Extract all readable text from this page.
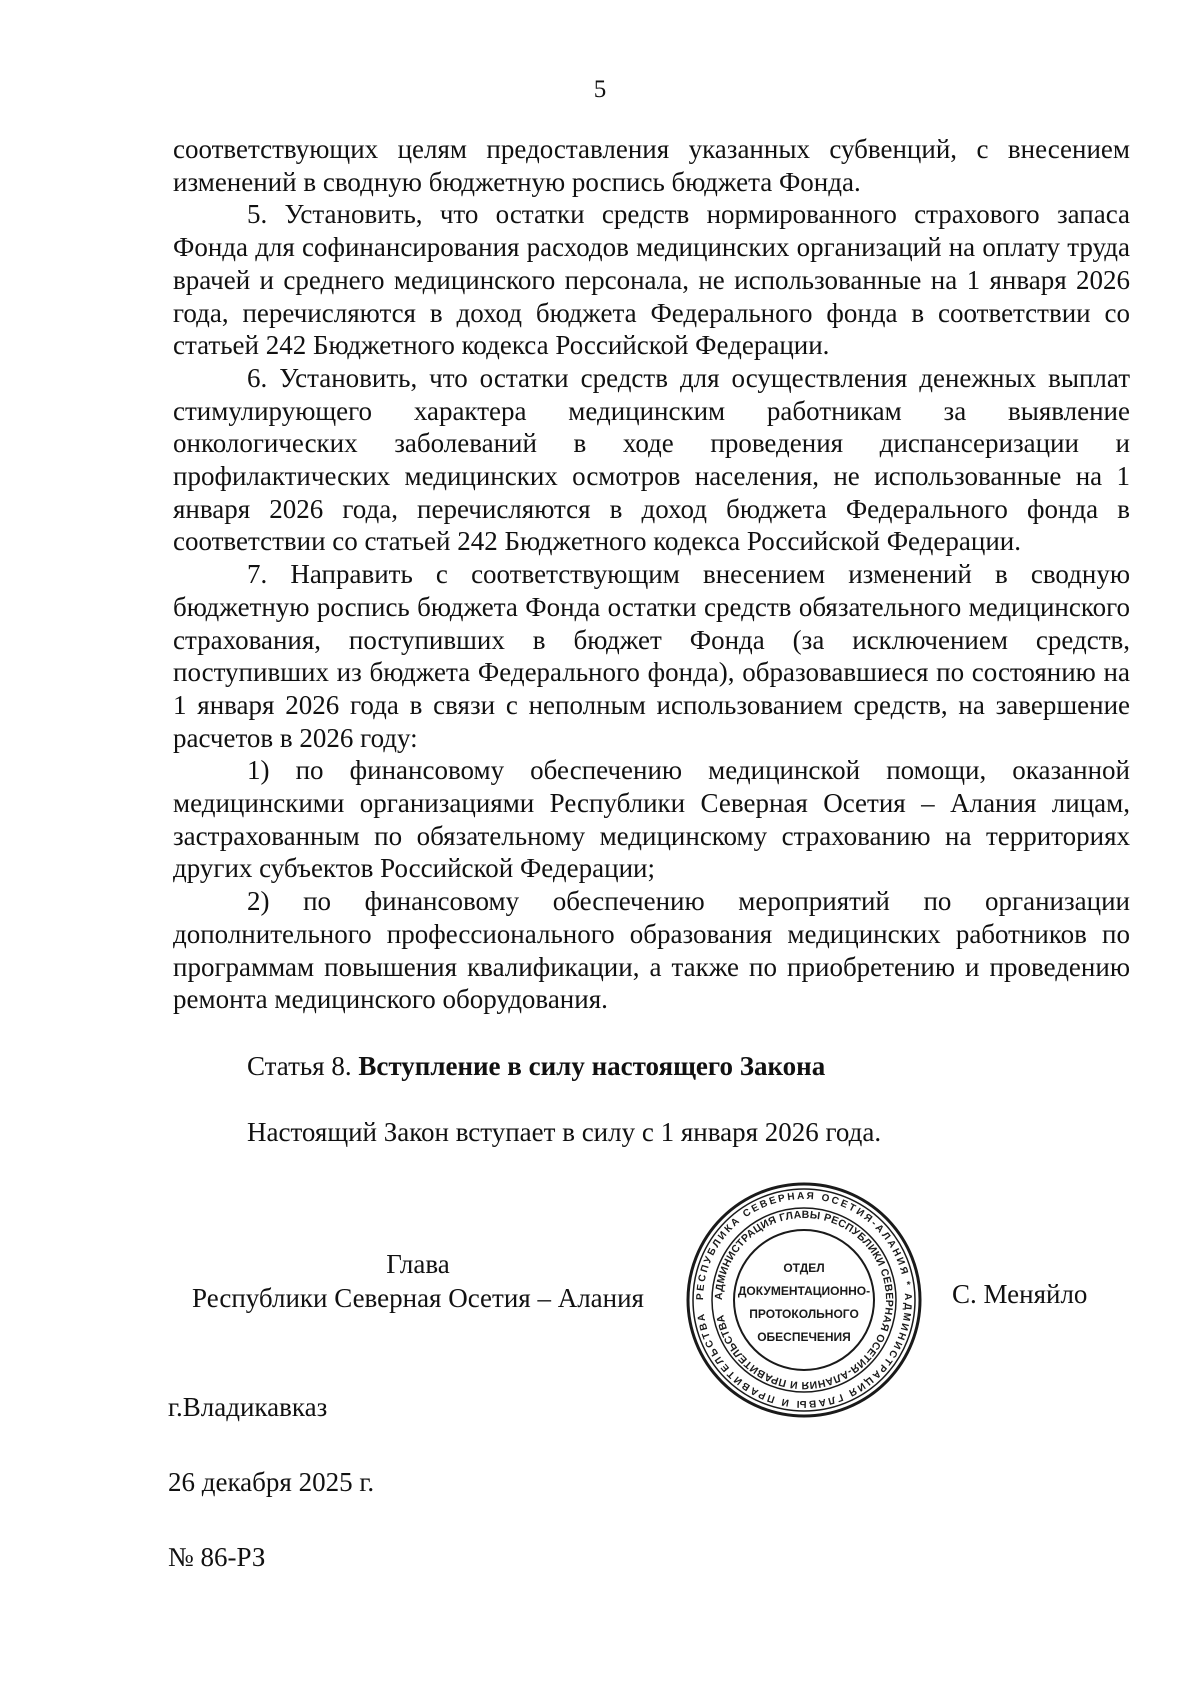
5

соответствующих целям предоставления указанных субвенций, с внесением изменений в сводную бюджетную роспись бюджета Фонда.

5. Установить, что остатки средств нормированного страхового запаса Фонда для софинансирования расходов медицинских организаций на оплату труда врачей и среднего медицинского персонала, не использованные на 1 января 2026 года, перечисляются в доход бюджета Федерального фонда в соответствии со статьей 242 Бюджетного кодекса Российской Федерации.

6. Установить, что остатки средств для осуществления денежных выплат стимулирующего характера медицинским работникам за выявление онкологических заболеваний в ходе проведения диспансеризации и профилактических медицинских осмотров населения, не использованные на 1 января 2026 года, перечисляются в доход бюджета Федерального фонда в соответствии со статьей 242 Бюджетного кодекса Российской Федерации.

7. Направить с соответствующим внесением изменений в сводную бюджетную роспись бюджета Фонда остатки средств обязательного медицинского страхования, поступивших в бюджет Фонда (за исключением средств, поступивших из бюджета Федерального фонда), образовавшиеся по состоянию на 1 января 2026 года в связи с неполным использованием средств, на завершение расчетов в 2026 году:

1) по финансовому обеспечению медицинской помощи, оказанной медицинскими организациями Республики Северная Осетия – Алания лицам, застрахованным по обязательному медицинскому страхованию на территориях других субъектов Российской Федерации;

2) по финансовому обеспечению мероприятий по организации дополнительного профессионального образования медицинских работников по программам повышения квалификации, а также по приобретению и проведению ремонта медицинского оборудования.

Статья 8. Вступление в силу настоящего Закона
Настоящий Закон вступает в силу с 1 января 2026 года.
Глава
Республики Северная Осетия – Алания	РЕСПУБЛИКА СЕВЕРНАЯ ОСЕТИЯ-АЛАНИЯ * АДМИНИСТРАЦИЯ ГЛАВЫ И ПРАВИТЕЛЬСТВА
АДМИНИСТРАЦИЯ ГЛАВЫ РЕСПУБЛИКИ СЕВЕРНАЯ ОСЕТИЯ-АЛАНИЯ И ПРАВИТЕЛЬСТВА
ОТДЕЛ
ДОКУМЕНТАЦИОННО-
ПРОТОКОЛЬНОГО
ОБЕСПЕЧЕНИЯ
С. Меняйло
г.Владикавказ
26 декабря 2025 г.
№ 86-РЗ
